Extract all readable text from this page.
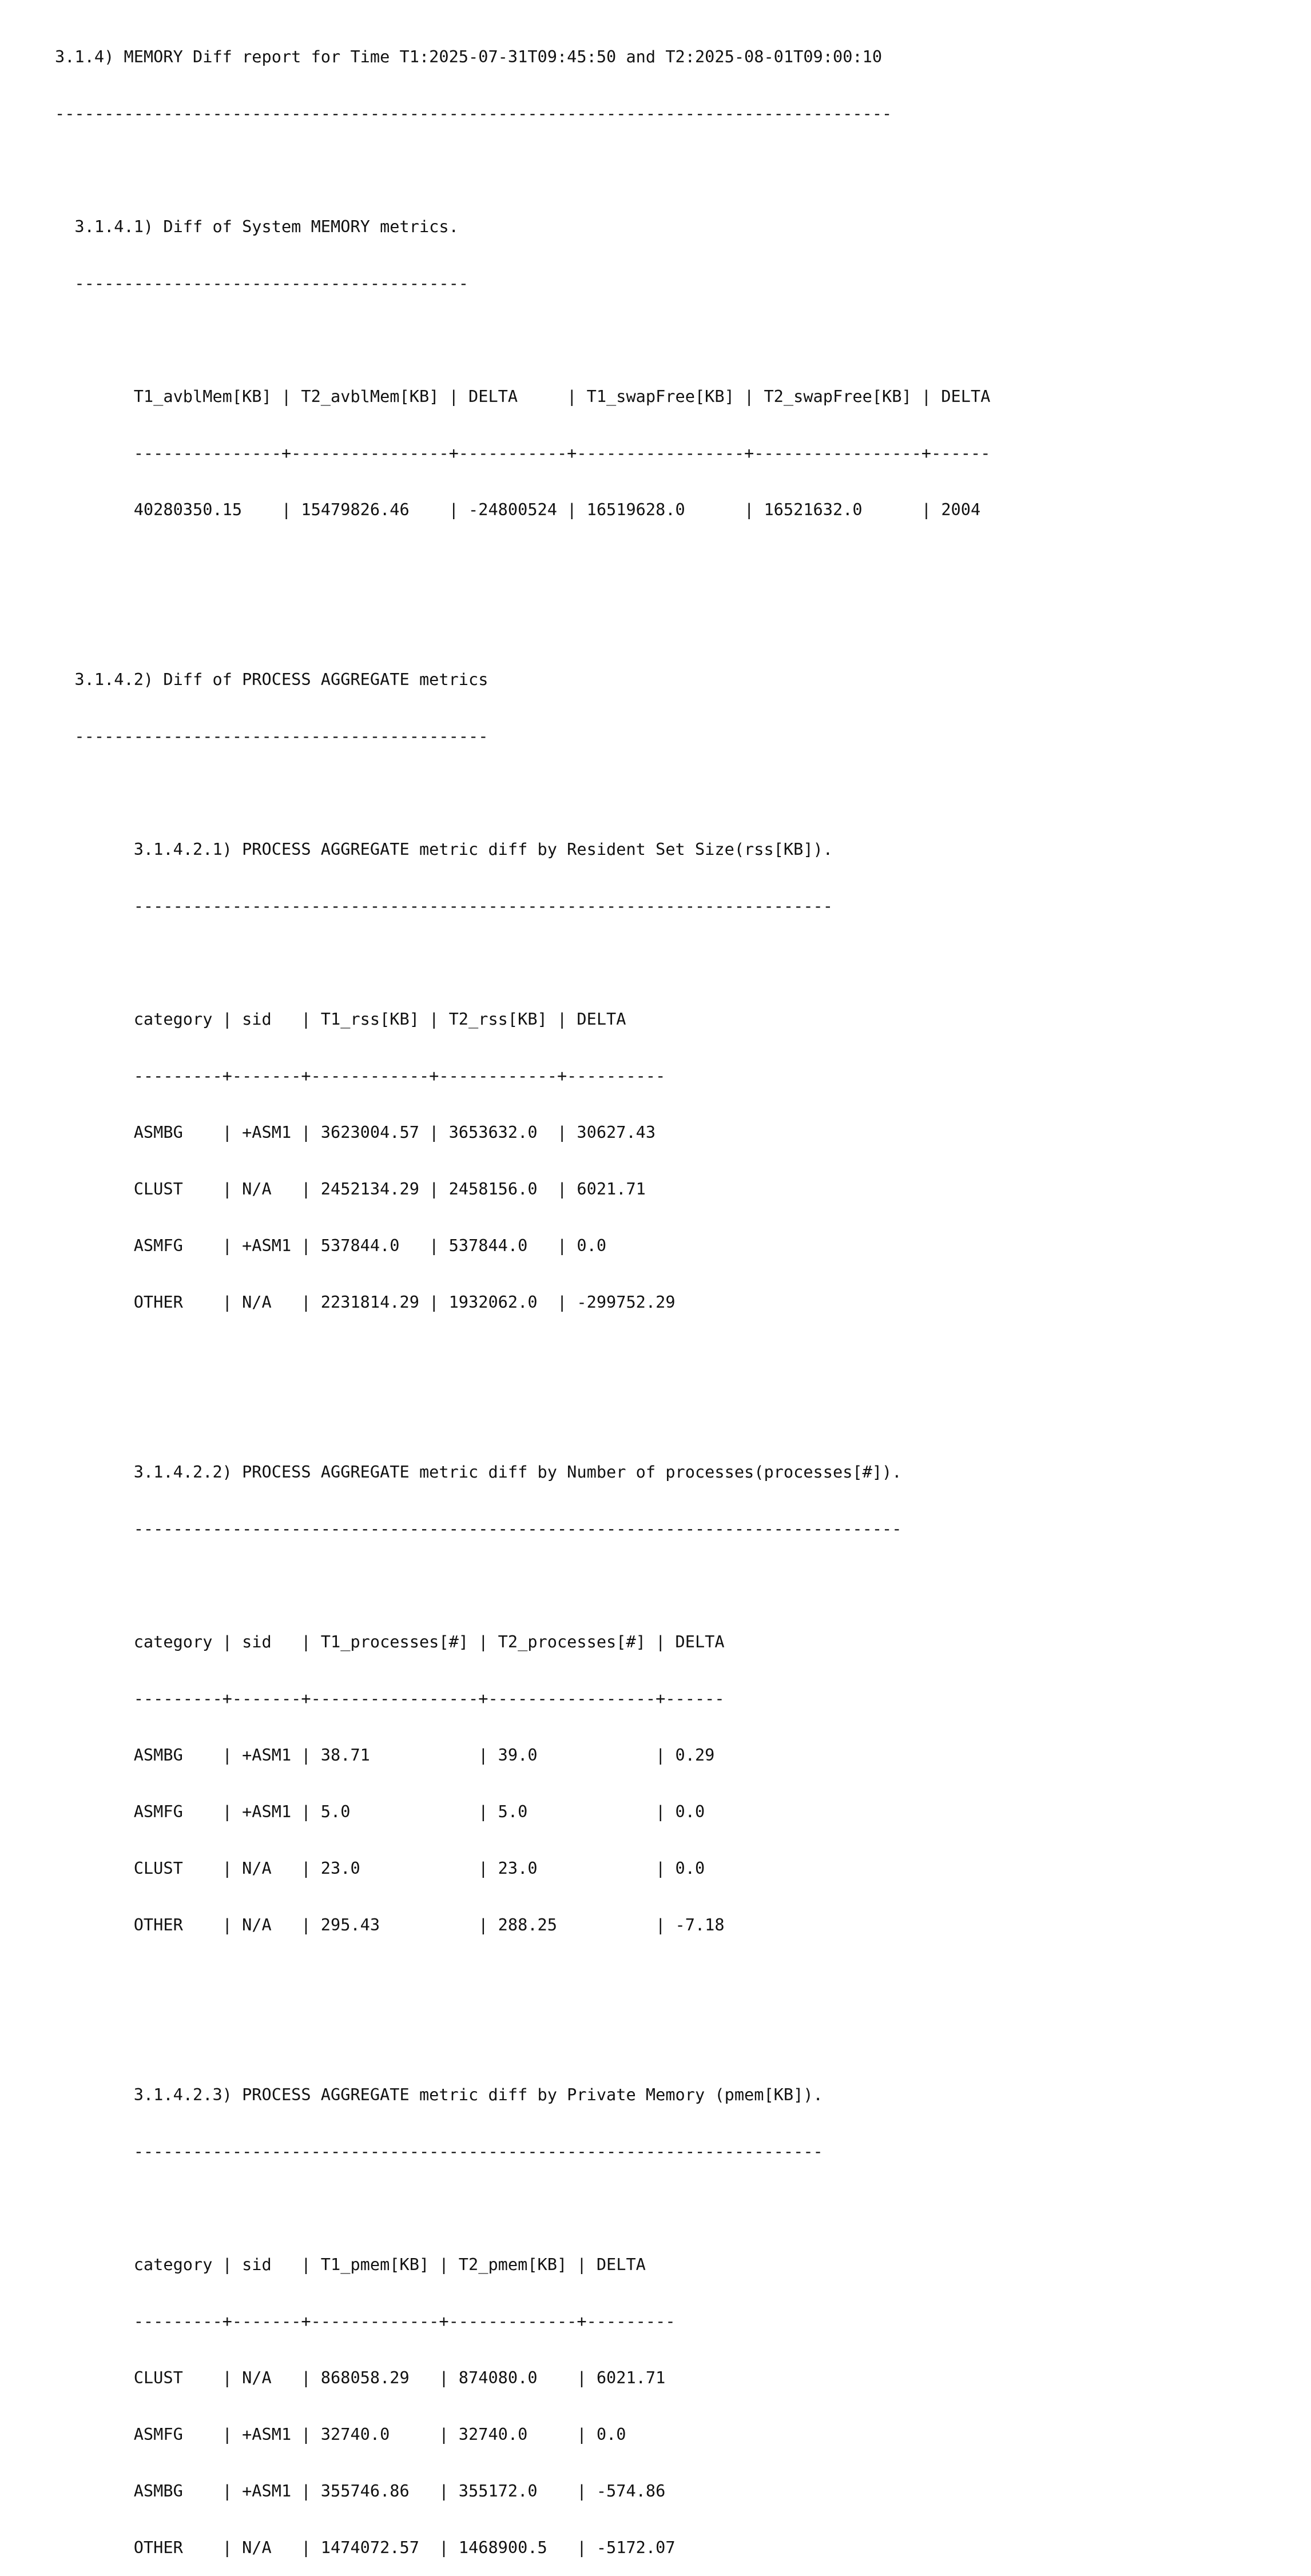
3.1.4) MEMORY Diff report for Time T1:2025-07-31T09:45:50 and T2:2025-08-01T09:00:10

-------------------------------------------------------------------------------------

3.1.4.1) Diff of System MEMORY metrics.

----------------------------------------

T1_avblMem[KB] | T2_avblMem[KB] | DELTA     | T1_swapFree[KB] | T2_swapFree[KB] | DELTA

---------------+----------------+-----------+-----------------+-----------------+------

40280350.15    | 15479826.46    | -24800524 | 16519628.0      | 16521632.0      | 2004

3.1.4.2) Diff of PROCESS AGGREGATE metrics

------------------------------------------

3.1.4.2.1) PROCESS AGGREGATE metric diff by Resident Set Size(rss[KB]).

-----------------------------------------------------------------------

category | sid   | T1_rss[KB] | T2_rss[KB] | DELTA

---------+-------+------------+------------+----------

ASMBG    | +ASM1 | 3623004.57 | 3653632.0  | 30627.43

CLUST    | N/A   | 2452134.29 | 2458156.0  | 6021.71

ASMFG    | +ASM1 | 537844.0   | 537844.0   | 0.0

OTHER    | N/A   | 2231814.29 | 1932062.0  | -299752.29

3.1.4.2.2) PROCESS AGGREGATE metric diff by Number of processes(processes[#]).

------------------------------------------------------------------------------

category | sid   | T1_processes[#] | T2_processes[#] | DELTA

---------+-------+-----------------+-----------------+------

ASMBG    | +ASM1 | 38.71           | 39.0            | 0.29

ASMFG    | +ASM1 | 5.0             | 5.0             | 0.0

CLUST    | N/A   | 23.0            | 23.0            | 0.0

OTHER    | N/A   | 295.43          | 288.25          | -7.18

3.1.4.2.3) PROCESS AGGREGATE metric diff by Private Memory (pmem[KB]).

----------------------------------------------------------------------

category | sid   | T1_pmem[KB] | T2_pmem[KB] | DELTA

---------+-------+-------------+-------------+---------

CLUST    | N/A   | 868058.29   | 874080.0    | 6021.71

ASMFG    | +ASM1 | 32740.0     | 32740.0     | 0.0

ASMBG    | +ASM1 | 355746.86   | 355172.0    | -574.86

OTHER    | N/A   | 1474072.57  | 1468900.5   | -5172.07
